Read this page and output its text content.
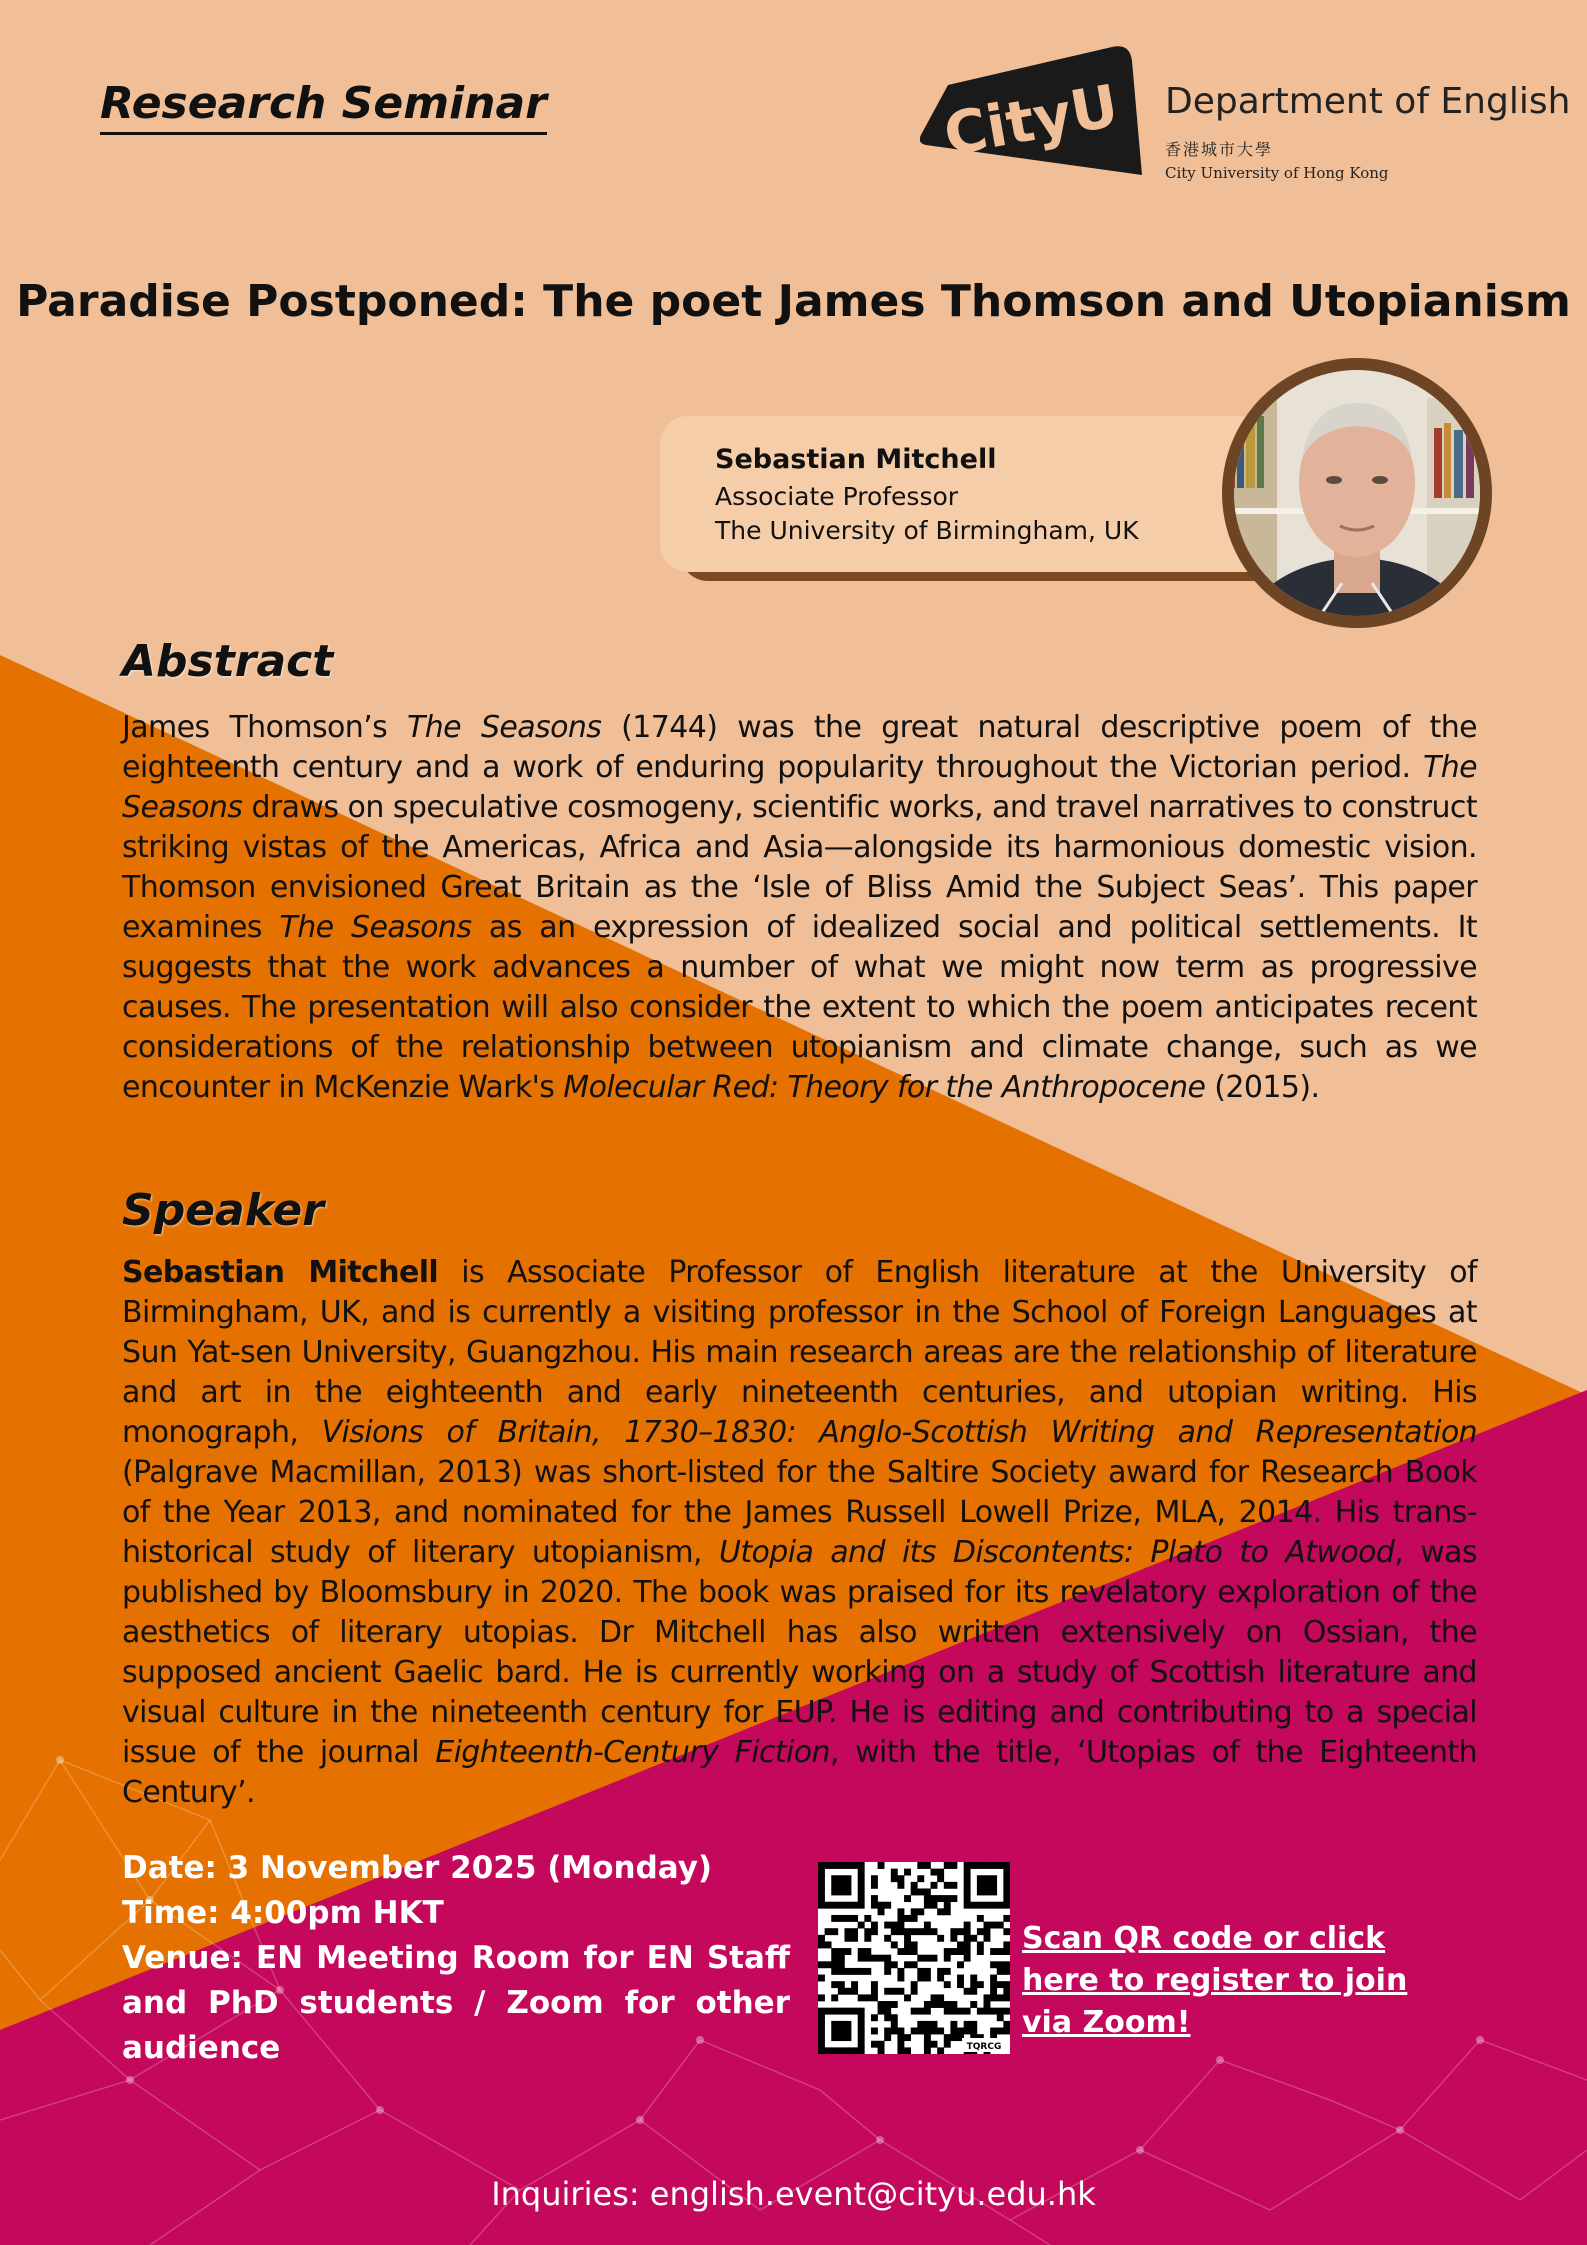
Research Seminar	CityU Department of English
香港城市大學
City University of Hong Kong
Paradise Postponed: The poet James Thomson and Utopianism
Sebastian Mitchell
Associate Professor
The University of Birmingham, UK
Abstract
James Thomson’s The Seasons (1744) was the great natural descriptive poem of the eighteenth century and a work of enduring popularity throughout the Victorian period. The Seasons draws on speculative cosmogeny, scientific works, and travel narratives to construct striking vistas of the Americas, Africa and Asia—alongside its harmonious domestic vision. Thomson envisioned Great Britain as the ‘Isle of Bliss Amid the Subject Seas’. This paper examines The Seasons as an expression of idealized social and political settlements. It suggests that the work advances a number of what we might now term as progressive causes. The presentation will also consider the extent to which the poem anticipates recent considerations of the relationship between utopianism and climate change, such as we encounter in McKenzie Wark's Molecular Red: Theory for the Anthropocene (2015).
Speaker
Sebastian Mitchell is Associate Professor of English literature at the University of Birmingham, UK, and is currently a visiting professor in the School of Foreign Languages at Sun Yat-sen University, Guangzhou. His main research areas are the relationship of literature and art in the eighteenth and early nineteenth centuries, and utopian writing. His monograph, Visions of Britain, 1730–1830: Anglo-Scottish Writing and Representation (Palgrave Macmillan, 2013) was short-listed for the Saltire Society award for Research Book of the Year 2013, and nominated for the James Russell Lowell Prize, MLA, 2014. His trans-historical study of literary utopianism, Utopia and its Discontents: Plato to Atwood, was published by Bloomsbury in 2020. The book was praised for its revelatory exploration of the aesthetics of literary utopias. Dr Mitchell has also written extensively on Ossian, the supposed ancient Gaelic bard. He is currently working on a study of Scottish literature and visual culture in the nineteenth century for EUP. He is editing and contributing to a special issue of the journal Eighteenth-Century Fiction, with the title, ‘Utopias of the Eighteenth Century’.
Date: 3 November 2025 (Monday)
Time: 4:00pm HKT
Venue: EN Meeting Room for EN Staff and PhD students / Zoom for other audience	TQRCG
Scan QR code or click here to register to join via Zoom!
Inquiries: english.event@cityu.edu.hk
